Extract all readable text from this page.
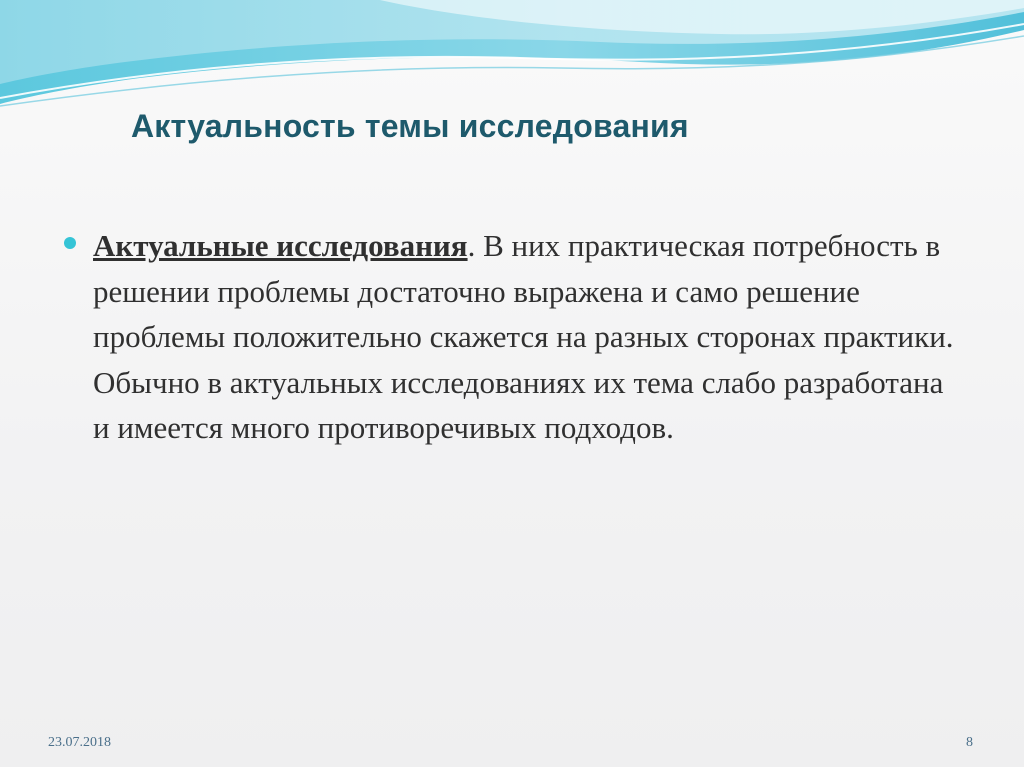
Актуальность темы исследования

Актуальные исследования. В них практическая потребность в решении проблемы достаточно выражена и само решение проблемы положительно скажется на разных сторонах практики. Обычно в актуальных исследованиях их тема слабо разработана и имеется много противоречивых подходов.

23.07.2018	8
